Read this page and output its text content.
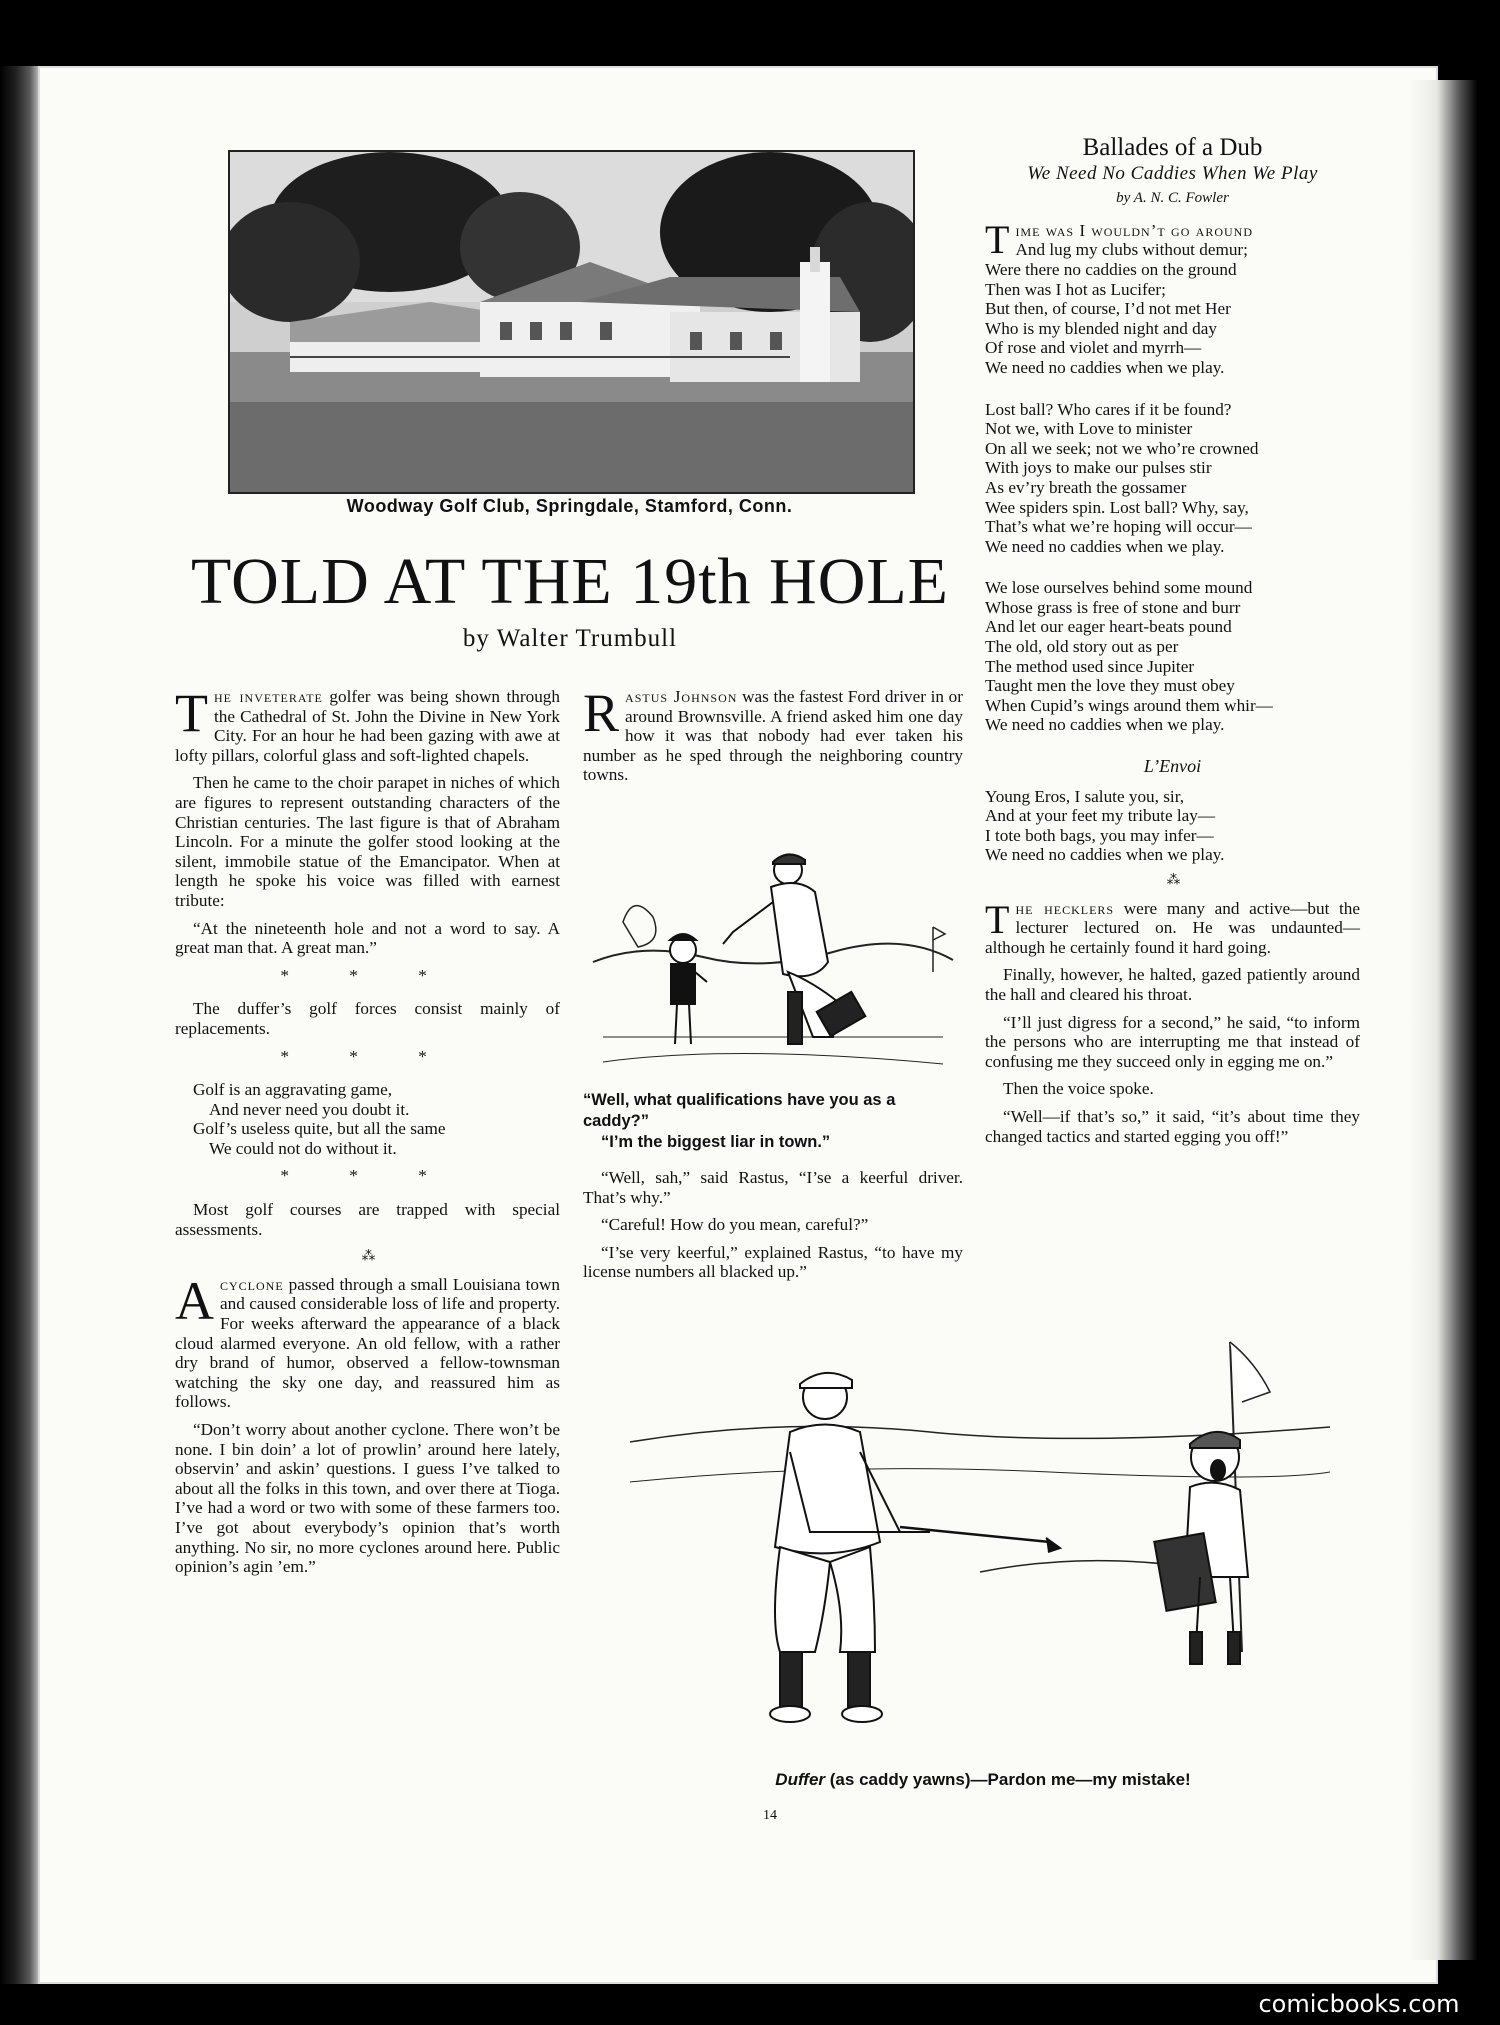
Woodway Golf Club, Springdale, Stamford, Conn.
TOLD AT THE 19th HOLE
by Walter Trumbull

The inveterate golfer was being shown through the Cathedral of St. John the Divine in New York City. For an hour he had been gazing with awe at lofty pillars, colorful glass and soft-lighted chapels.

Then he came to the choir parapet in niches of which are figures to represent outstanding characters of the Christian centuries. The last figure is that of Abraham Lincoln. For a minute the golfer stood looking at the silent, immobile statue of the Emancipator. When at length he spoke his voice was filled with earnest tribute:

“At the nineteenth hole and not a word to say. A great man that. A great man.”

* * *

The duffer’s golf forces consist mainly of replacements.

* * *
Golf is an aggravating game,
And never need you doubt it.
Golf’s useless quite, but all the same
We could not do without it.
* * *

Most golf courses are trapped with special assessments.

⁂

A cyclone passed through a small Louisiana town and caused considerable loss of life and property. For weeks afterward the appearance of a black cloud alarmed everyone. An old fellow, with a rather dry brand of humor, observed a fellow-townsman watching the sky one day, and reassured him as follows.

“Don’t worry about another cyclone. There won’t be none. I bin doin’ a lot of prowlin’ around here lately, observin’ and askin’ questions. I guess I’ve talked to about all the folks in this town, and over there at Tioga. I’ve had a word or two with some of these farmers too. I’ve got about everybody’s opinion that’s worth anything. No sir, no more cyclones around here. Public opinion’s agin ’em.”

Rastus Johnson was the fastest Ford driver in or around Brownsville. A friend asked him one day how it was that nobody had ever taken his number as he sped through the neighboring country towns.

“Well, what qualifications have you as a caddy?”
“I’m the biggest liar in town.”

“Well, sah,” said Rastus, “I’se a keerful driver. That’s why.”

“Careful! How do you mean, careful?”

“I’se very keerful,” explained Rastus, “to have my license numbers all blacked up.”

Ballades of a Dub
We Need No Caddies When We Play
by A. N. C. Fowler
Time was I wouldn’t go around
And lug my clubs without demur;
Were there no caddies on the ground
Then was I hot as Lucifer;
But then, of course, I’d not met Her
Who is my blended night and day
Of rose and violet and myrrh—
We need no caddies when we play.
Lost ball? Who cares if it be found?
Not we, with Love to minister
On all we seek; not we who’re crowned
With joys to make our pulses stir
As ev’ry breath the gossamer
Wee spiders spin. Lost ball? Why, say,
That’s what we’re hoping will occur—
We need no caddies when we play.
We lose ourselves behind some mound
Whose grass is free of stone and burr
And let our eager heart-beats pound
The old, old story out as per
The method used since Jupiter
Taught men the love they must obey
When Cupid’s wings around them whir—
We need no caddies when we play.
L’Envoi
Young Eros, I salute you, sir,
And at your feet my tribute lay—
I tote both bags, you may infer—
We need no caddies when we play.
⁂

The hecklers were many and active—but the lecturer lectured on. He was undaunted—although he certainly found it hard going.

Finally, however, he halted, gazed patiently around the hall and cleared his throat.

“I’ll just digress for a second,” he said, “to inform the persons who are interrupting me that instead of confusing me they succeed only in egging me on.”

Then the voice spoke.

“Well—if that’s so,” it said, “it’s about time they changed tactics and started egging you off!”

Duffer (as caddy yawns)—Pardon me—my mistake!
14
comicbooks.com
